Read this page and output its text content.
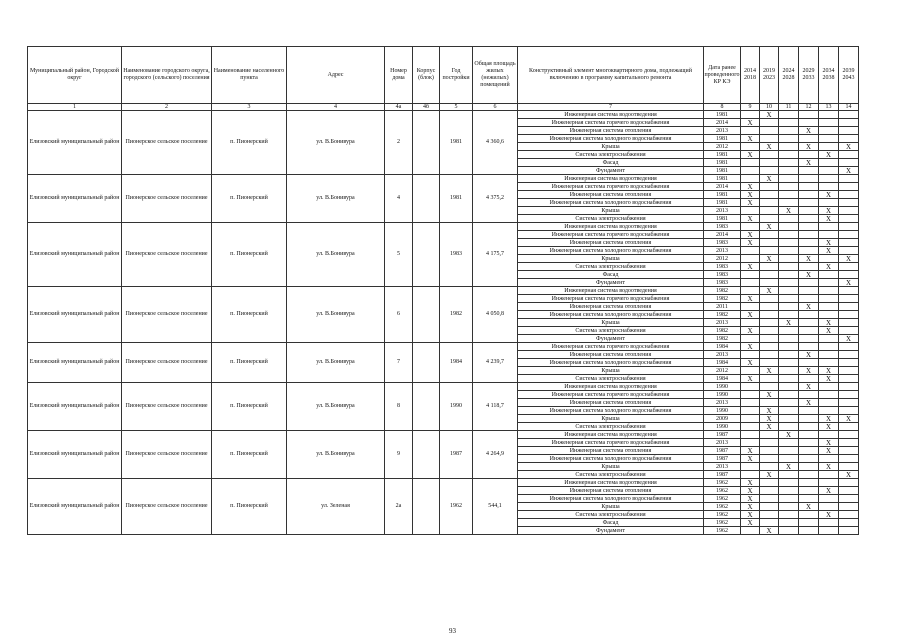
Муниципальный район, Городской округ	Наименование городского округа, городского (сельского) поселения	Наименование населенного пункта	Адрес	Номер дома	Корпус (блок)	Год постройки	Общая площадь жилых (нежилых) помещений	Конструктивный элемент многоквартирного дома, подлежащий включению в программу капитального ремонта	Дата ранее проведенного КР КЭ	2014 2018	2019 2023	2024 2028	2029 2033	2034 2038	2039 2043
1	2	3	4	4а	4б	5	6	7	8	9	10	11	12	13	14
Елизовский муниципальный район	Пионерское сельское поселение	п. Пионерский	ул. В.Бонивура	2		1981	4 360,6	Инженерная система водоотведения	1981		X				
								Инженерная система горячего водоснабжения	2014	X					
								Инженерная система отопления	2013				X		
								Инженерная система холодного водоснабжения	1981	X					
								Крыша	2012		X		X		X
								Система электроснабжения	1981	X				X	
								Фасад	1981				X		
								Фундамент	1981						X
Елизовский муниципальный район	Пионерское сельское поселение	п. Пионерский	ул. В.Бонивура	4		1981	4 375,2	Инженерная система водоотведения	1981		X				
								Инженерная система горячего водоснабжения	2014	X					
								Инженерная система отопления	1981	X				X	
								Инженерная система холодного водоснабжения	1981	X					
								Крыша	2013			X		X	
								Система электроснабжения	1981	X				X	
Елизовский муниципальный район	Пионерское сельское поселение	п. Пионерский	ул. В.Бонивура	5		1983	4 175,7	Инженерная система водоотведения	1983		X				
								Инженерная система горячего водоснабжения	2014	X					
								Инженерная система отопления	1983	X				X	
								Инженерная система холодного водоснабжения	2013					X	
								Крыша	2012		X		X		X
								Система электроснабжения	1983	X				X	
								Фасад	1983				X		
								Фундамент	1983						X
Елизовский муниципальный район	Пионерское сельское поселение	п. Пионерский	ул. В.Бонивура	6		1982	4 050,8	Инженерная система водоотведения	1982		X				
								Инженерная система горячего водоснабжения	1982	X					
								Инженерная система отопления	2011				X		
								Инженерная система холодного водоснабжения	1982	X					
								Крыша	2013			X		X	
								Система электроснабжения	1982	X				X	
								Фундамент	1982						X
Елизовский муниципальный район	Пионерское сельское поселение	п. Пионерский	ул. В.Бонивура	7		1984	4 239,7	Инженерная система горячего водоснабжения	1984	X					
								Инженерная система отопления	2013				X		
								Инженерная система холодного водоснабжения	1984	X					
								Крыша	2012		X		X	X	
								Система электроснабжения	1984	X				X	
Елизовский муниципальный район	Пионерское сельское поселение	п. Пионерский	ул. В.Бонивура	8		1990	4 118,7	Инженерная система водоотведения	1990				X		
								Инженерная система горячего водоснабжения	1990		X				
								Инженерная система отопления	2013				X		
								Инженерная система холодного водоснабжения	1990		X				
								Крыша	2009		X			X	X
								Система электроснабжения	1990		X			X	
Елизовский муниципальный район	Пионерское сельское поселение	п. Пионерский	ул. В.Бонивура	9		1987	4 264,9	Инженерная система водоотведения	1987			X			
								Инженерная система горячего водоснабжения	2013					X	
								Инженерная система отопления	1987	X				X	
								Инженерная система холодного водоснабжения	1987	X					
								Крыша	2013			X		X	
								Система электроснабжения	1987		X				X
Елизовский муниципальный район	Пионерское сельское поселение	п. Пионерский	ул. Зеленая	2а		1962	544,1	Инженерная система водоотведения	1962	X					
								Инженерная система отопления	1962	X				X	
								Инженерная система холодного водоснабжения	1962	X					
								Крыша	1962	X			X		
								Система электроснабжения	1962	X				X	
								Фасад	1962	X					
								Фундамент	1962		X				
93
